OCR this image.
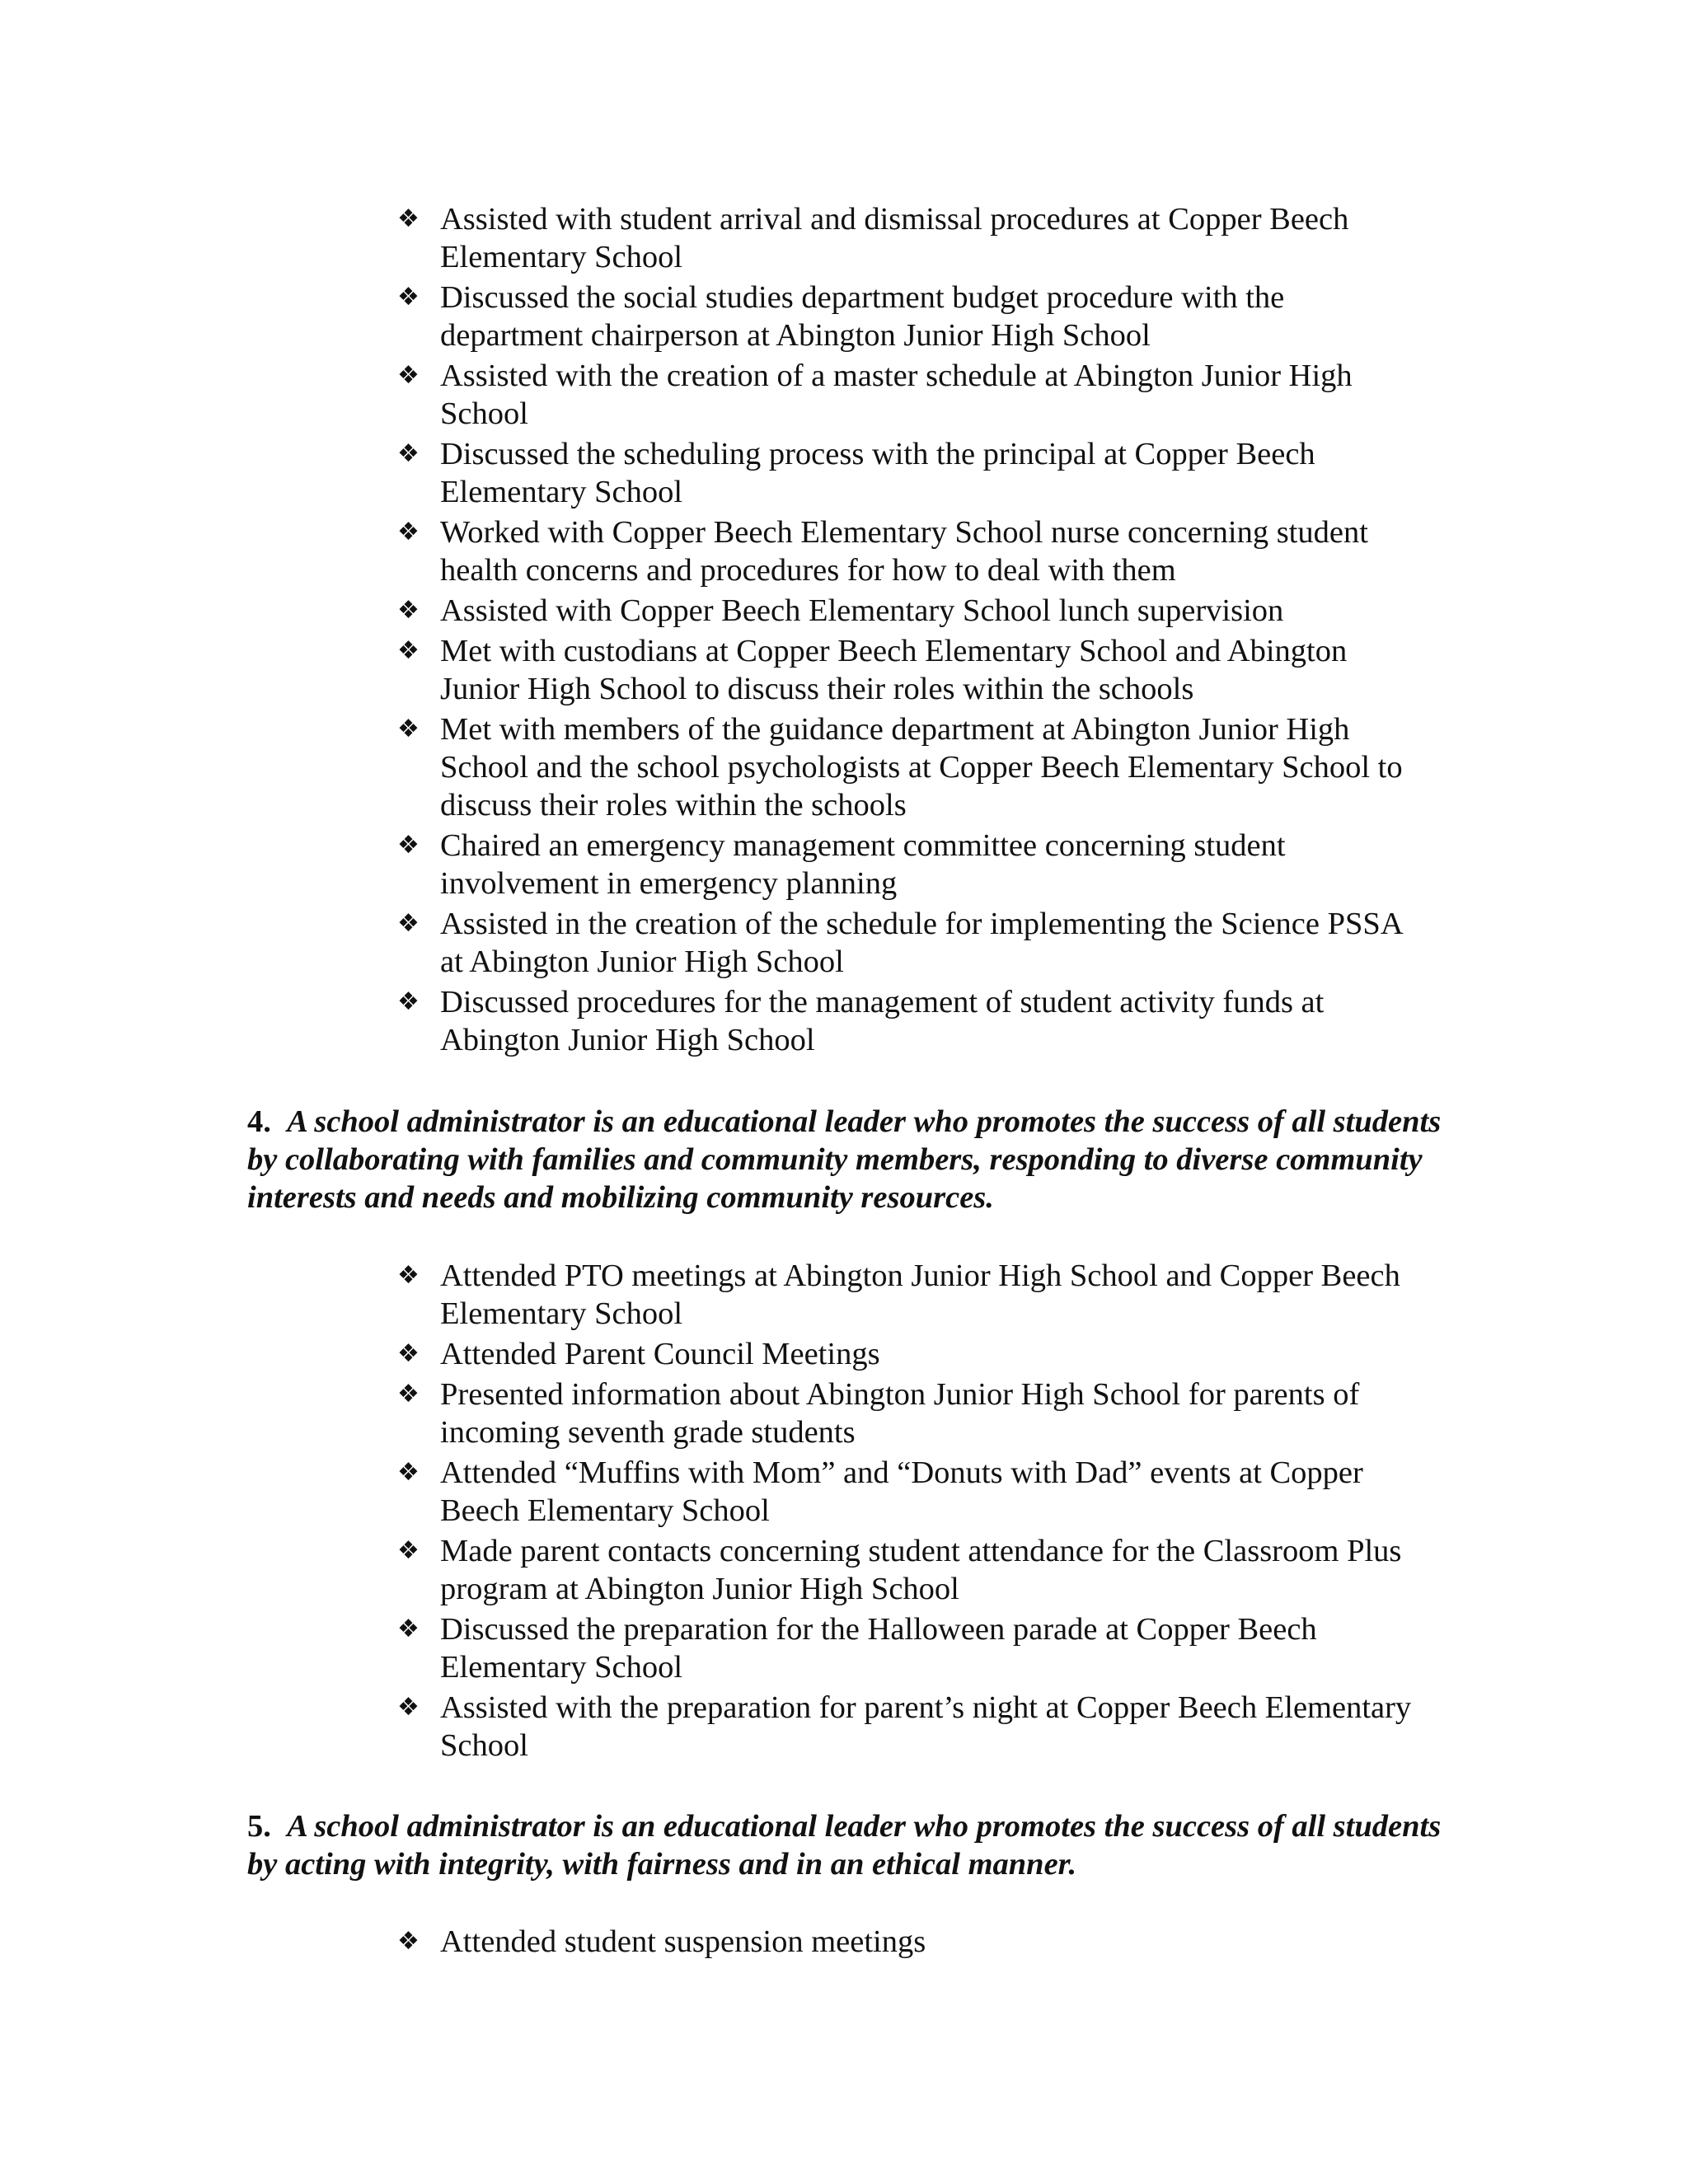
❖ Assisted with student arrival and dismissal procedures at Copper Beech Elementary School
❖ Discussed the social studies department budget procedure with the department chairperson at Abington Junior High School
❖ Assisted with the creation of a master schedule at Abington Junior High School
❖ Discussed the scheduling process with the principal at Copper Beech Elementary School
❖ Worked with Copper Beech Elementary School nurse concerning student health concerns and procedures for how to deal with them
❖ Assisted with Copper Beech Elementary School lunch supervision
❖ Met with custodians at Copper Beech Elementary School and Abington Junior High School to discuss their roles within the schools
❖ Met with members of the guidance department at Abington Junior High School and the school psychologists at Copper Beech Elementary School to discuss their roles within the schools
❖ Chaired an emergency management committee concerning student involvement in emergency planning
❖ Assisted in the creation of the schedule for implementing the Science PSSA at Abington Junior High School
❖ Discussed procedures for the management of student activity funds at Abington Junior High School

4. A school administrator is an educational leader who promotes the success of all students by collaborating with families and community members, responding to diverse community interests and needs and mobilizing community resources.

❖ Attended PTO meetings at Abington Junior High School and Copper Beech Elementary School
❖ Attended Parent Council Meetings
❖ Presented information about Abington Junior High School for parents of incoming seventh grade students
❖ Attended “Muffins with Mom” and “Donuts with Dad” events at Copper Beech Elementary School
❖ Made parent contacts concerning student attendance for the Classroom Plus program at Abington Junior High School
❖ Discussed the preparation for the Halloween parade at Copper Beech Elementary School
❖ Assisted with the preparation for parent’s night at Copper Beech Elementary School

5. A school administrator is an educational leader who promotes the success of all students by acting with integrity, with fairness and in an ethical manner.

❖ Attended student suspension meetings
